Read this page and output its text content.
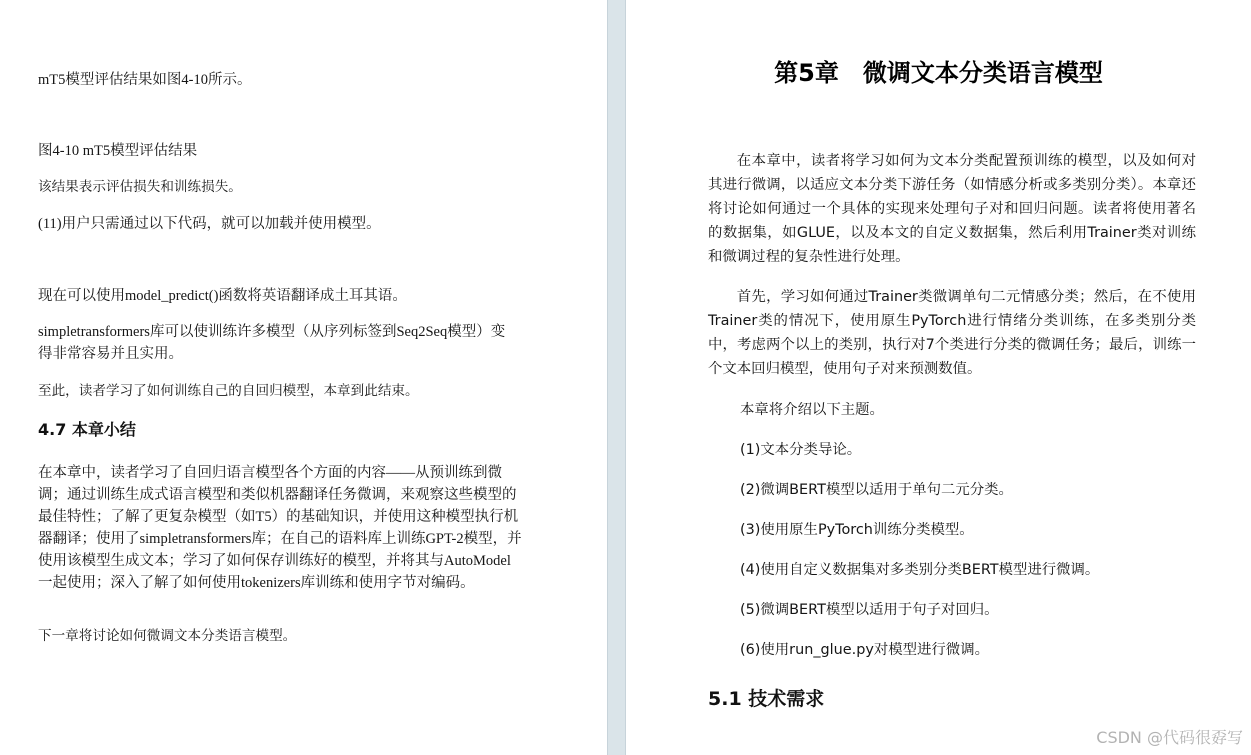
mT5模型评估结果如图4-10所示。

图4-10 mT5模型评估结果

该结果表示评估损失和训练损失。

(11)用户只需通过以下代码，就可以加载并使用模型。

现在可以使用model_predict()函数将英语翻译成土耳其语。

simpletransformers库可以使训练许多模型（从序列标签到Seq2Seq模型）变得非常容易并且实用。

至此，读者学习了如何训练自己的自回归模型，本章到此结束。

4.7 本章小结

在本章中，读者学习了自回归语言模型各个方面的内容——从预训练到微调；通过训练生成式语言模型和类似机器翻译任务微调，来观察这些模型的最佳特性；了解了更复杂模型（如T5）的基础知识，并使用这种模型执行机器翻译；使用了simpletransformers库；在自己的语料库上训练GPT-2模型，并使用该模型生成文本；学习了如何保存训练好的模型，并将其与AutoModel一起使用；深入了解了如何使用tokenizers库训练和使用字节对编码。

下一章将讨论如何微调文本分类语言模型。

第5章　微调文本分类语言模型

在本章中，读者将学习如何为文本分类配置预训练的模型，以及如何对其进行微调，以适应文本分类下游任务（如情感分析或多类别分类）。本章还将讨论如何通过一个具体的实现来处理句子对和回归问题。读者将使用著名的数据集，如GLUE，以及本文的自定义数据集，然后利用Trainer类对训练和微调过程的复杂性进行处理。

首先，学习如何通过Trainer类微调单句二元情感分类；然后，在不使用Trainer类的情况下，使用原生PyTorch进行情绪分类训练，在多类别分类中，考虑两个以上的类别，执行对7个类进行分类的微调任务；最后，训练一个文本回归模型，使用句子对来预测数值。

本章将介绍以下主题。

(1)文本分类导论。

(2)微调BERT模型以适用于单句二元分类。

(3)使用原生PyTorch训练分类模型。

(4)使用自定义数据集对多类别分类BERT模型进行微调。

(5)微调BERT模型以适用于句子对回归。

(6)使用run_glue.py对模型进行微调。

5.1 技术需求
CSDN @代码很孬写
